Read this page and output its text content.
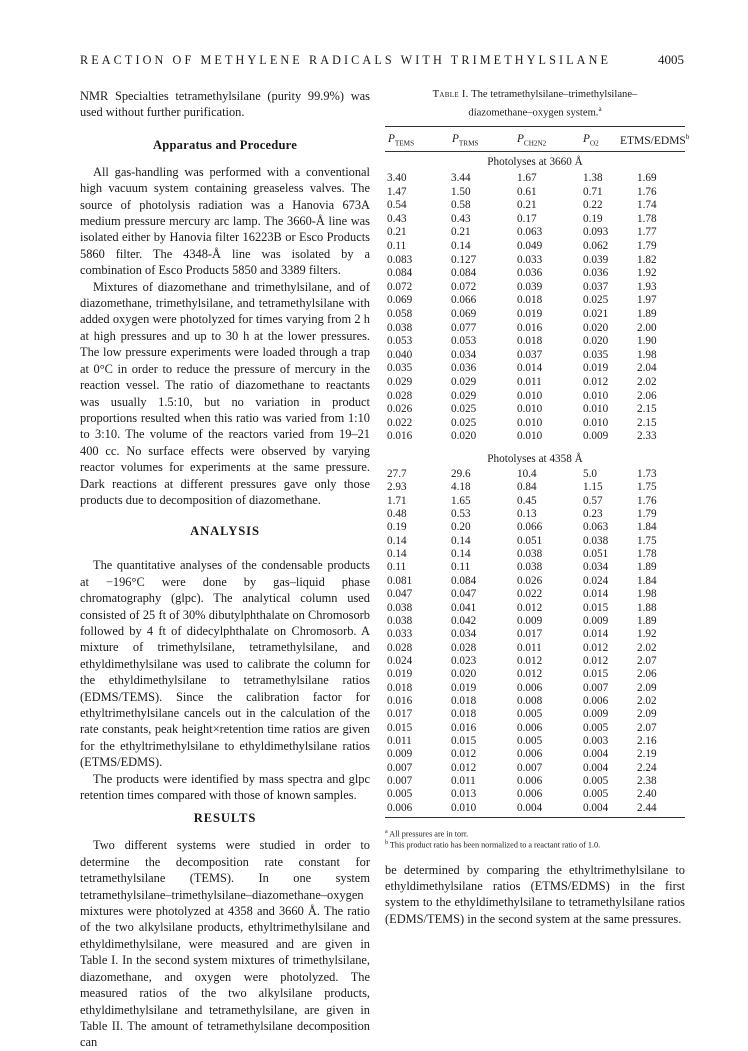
REACTION OF METHYLENE RADICALS WITH TRIMETHYLSILANE	4005

NMR Specialties tetramethylsilane (purity 99.9%) was used without further purification.

Apparatus and Procedure

All gas-handling was performed with a conventional high vacuum system containing greaseless valves. The source of photolysis radiation was a Hanovia 673A medium pressure mercury arc lamp. The 3660-Å line was isolated either by Hanovia filter 16223B or Esco Products 5860 filter. The 4348-Å line was isolated by a combination of Esco Products 5850 and 3389 filters.

Mixtures of diazomethane and trimethylsilane, and of diazomethane, trimethylsilane, and tetramethylsilane with added oxygen were photolyzed for times varying from 2 h at high pressures and up to 30 h at the lower pressures. The low pressure experiments were loaded through a trap at 0°C in order to reduce the pressure of mercury in the reaction vessel. The ratio of diazomethane to reactants was usually 1.5:10, but no variation in product proportions resulted when this ratio was varied from 1:10 to 3:10. The volume of the reactors varied from 19–21 400 cc. No surface effects were observed by varying reactor volumes for experiments at the same pressure. Dark reactions at different pressures gave only those products due to decomposition of diazomethane.

ANALYSIS

The quantitative analyses of the condensable products at −196°C were done by gas–liquid phase chromatography (glpc). The analytical column used consisted of 25 ft of 30% dibutylphthalate on Chromosorb followed by 4 ft of didecylphthalate on Chromosorb. A mixture of trimethylsilane, tetramethylsilane, and ethyldimethylsilane was used to calibrate the column for the ethyldimethylsilane to tetramethylsilane ratios (EDMS/TEMS). Since the calibration factor for ethyltrimethylsilane cancels out in the calculation of the rate constants, peak height×retention time ratios are given for the ethyltrimethylsilane to ethyldimethylsilane ratios (ETMS/EDMS).

The products were identified by mass spectra and glpc retention times compared with those of known samples.

RESULTS

Two different systems were studied in order to determine the decomposition rate constant for tetramethylsilane (TEMS). In one system tetramethylsilane–trimethylsilane–diazomethane–oxygen mixtures were photolyzed at 4358 and 3660 Å. The ratio of the two alkylsilane products, ethyltrimethylsilane and ethyldimethylsilane, were measured and are given in Table I. In the second system mixtures of trimethylsilane, diazomethane, and oxygen were photolyzed. The measured ratios of the two alkylsilane products, ethyldimethylsilane and tetramethylsilane, are given in Table II. The amount of tetramethylsilane decomposition can

Table I. The tetramethylsilane–trimethylsilane–
diazomethane–oxygen system.$^a$

$P_{TEMS}$	$P_{TRMS}$	$P_{CH2N2}$	$P_{O2}$ ETMS/EDMS$^b$
Photolyses at 3660 Å
3.40	3.44	1.67	1.38	1.69
1.47	1.50	0.61	0.71	1.76
0.54	0.58	0.21	0.22	1.74
0.43	0.43	0.17	0.19	1.78
0.21	0.21	0.063	0.093	1.77
0.11	0.14	0.049	0.062	1.79
0.083	0.127	0.033	0.039	1.82
0.084	0.084	0.036	0.036	1.92
0.072	0.072	0.039	0.037	1.93
0.069	0.066	0.018	0.025	1.97
0.058	0.069	0.019	0.021	1.89
0.038	0.077	0.016	0.020	2.00
0.053	0.053	0.018	0.020	1.90
0.040	0.034	0.037	0.035	1.98
0.035	0.036	0.014	0.019	2.04
0.029	0.029	0.011	0.012	2.02
0.028	0.029	0.010	0.010	2.06
0.026	0.025	0.010	0.010	2.15
0.022	0.025	0.010	0.010	2.15
0.016	0.020	0.010	0.009	2.33
Photolyses at 4358 Å
27.7	29.6	10.4	5.0	1.73
2.93	4.18	0.84	1.15	1.75
1.71	1.65	0.45	0.57	1.76
0.48	0.53	0.13	0.23	1.79
0.19	0.20	0.066	0.063	1.84
0.14	0.14	0.051	0.038	1.75
0.14	0.14	0.038	0.051	1.78
0.11	0.11	0.038	0.034	1.89
0.081	0.084	0.026	0.024	1.84
0.047	0.047	0.022	0.014	1.98
0.038	0.041	0.012	0.015	1.88
0.038	0.042	0.009	0.009	1.89
0.033	0.034	0.017	0.014	1.92
0.028	0.028	0.011	0.012	2.02
0.024	0.023	0.012	0.012	2.07
0.019	0.020	0.012	0.015	2.06
0.018	0.019	0.006	0.007	2.09
0.016	0.018	0.008	0.006	2.02
0.017	0.018	0.005	0.009	2.09
0.015	0.016	0.006	0.005	2.07
0.011	0.015	0.005	0.003	2.16
0.009	0.012	0.006	0.004	2.19
0.007	0.012	0.007	0.004	2.24
0.007	0.011	0.006	0.005	2.38
0.005	0.013	0.006	0.005	2.40
0.006	0.010	0.004	0.004	2.44
$^a$ All pressures are in torr.
$^b$ This product ratio has been normalized to a reactant ratio of 1.0.

be determined by comparing the ethyltrimethylsilane to ethyldimethylsilane ratios (ETMS/EDMS) in the first system to the ethyldimethylsilane to tetramethylsilane ratios (EDMS/TEMS) in the second system at the same pressures.
